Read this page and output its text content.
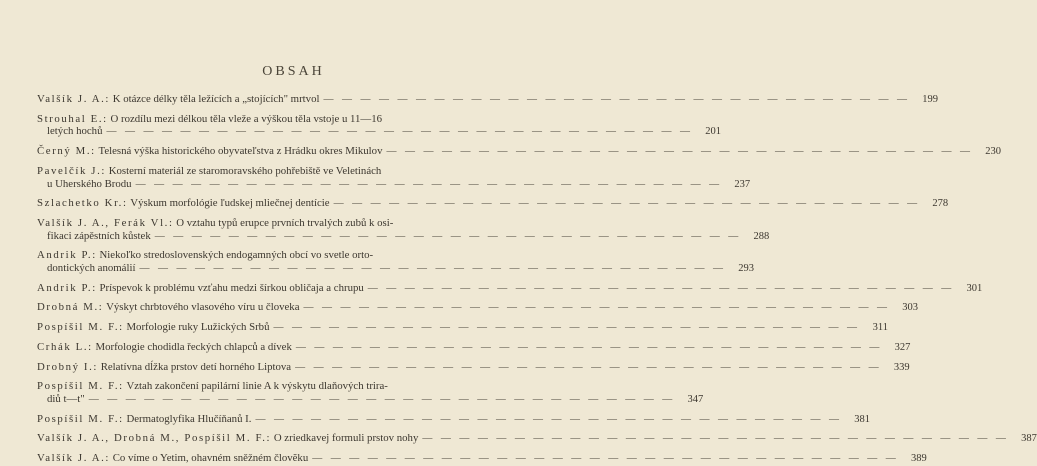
OBSAH
Valšík J. A.:
K otázce délky těla ležících a „stojících" mrtvol — — — — — — — — — — — — — — — — — — — — — — — — — — — — — — — —	199
Strouhal E.:
O rozdílu mezi délkou těla vleže a výškou těla vstoje u 11—16
letých hochů — — — — — — — — — — — — — — — — — — — — — — — — — — — — — — — —	201
Černý M.:
Telesná výška historického obyvateľstva z Hrádku okres Mikulov — — — — — — — — — — — — — — — — — — — — — — — — — — — — — — — —	230
Pavelčík J.:
Kosterní materiál ze staromoravského pohřebiště ve Veletinách
u Uherského Brodu — — — — — — — — — — — — — — — — — — — — — — — — — — — — — — — —	237
Szlachetko Kr.:
Výskum morfológie ľudskej mliečnej dentície — — — — — — — — — — — — — — — — — — — — — — — — — — — — — — — —	278
Valšík J. A., Ferák Vl.:
O vztahu typů erupce prvních trvalých zubů k osi-
fikaci zápěstních kůstek — — — — — — — — — — — — — — — — — — — — — — — — — — — — — — — —	288
Andrik P.:
Niekoľko stredoslovenských endogamných obcí vo svetle orto-
dontických anomálií — — — — — — — — — — — — — — — — — — — — — — — — — — — — — — — —	293
Andrik P.:
Príspevok k problému vzťahu medzi šírkou obličaja a chrupu — — — — — — — — — — — — — — — — — — — — — — — — — — — — — — — —	301
Drobná M.:
Výskyt chrbtového vlasového víru u človeka — — — — — — — — — — — — — — — — — — — — — — — — — — — — — — — —	303
Pospíšil M. F.:
Morfologie ruky Lužických Srbů — — — — — — — — — — — — — — — — — — — — — — — — — — — — — — — —	311
Crhák L.:
Morfologie chodidla řeckých chlapců a dívek — — — — — — — — — — — — — — — — — — — — — — — — — — — — — — — —	327
Drobný I.:
Relatívna dĺžka prstov detí horného Liptova — — — — — — — — — — — — — — — — — — — — — — — — — — — — — — — —	339
Pospíšil M. F.:
Vztah zakončení papilární linie A k výskytu dlaňových trira-
diů t—t" — — — — — — — — — — — — — — — — — — — — — — — — — — — — — — — —	347
Pospíšil M. F.:
Dermatoglyfika Hlučíňanů I. — — — — — — — — — — — — — — — — — — — — — — — — — — — — — — — —	381
Valšík J. A., Drobná M., Pospíšil M. F.:
O zriedkavej formuli prstov nohy — — — — — — — — — — — — — — — — — — — — — — — — — — — — — — — —	387
Valšík J. A.:
Co víme o Yetim, ohavném sněžném človĕku — — — — — — — — — — — — — — — — — — — — — — — — — — — — — — — —	389
